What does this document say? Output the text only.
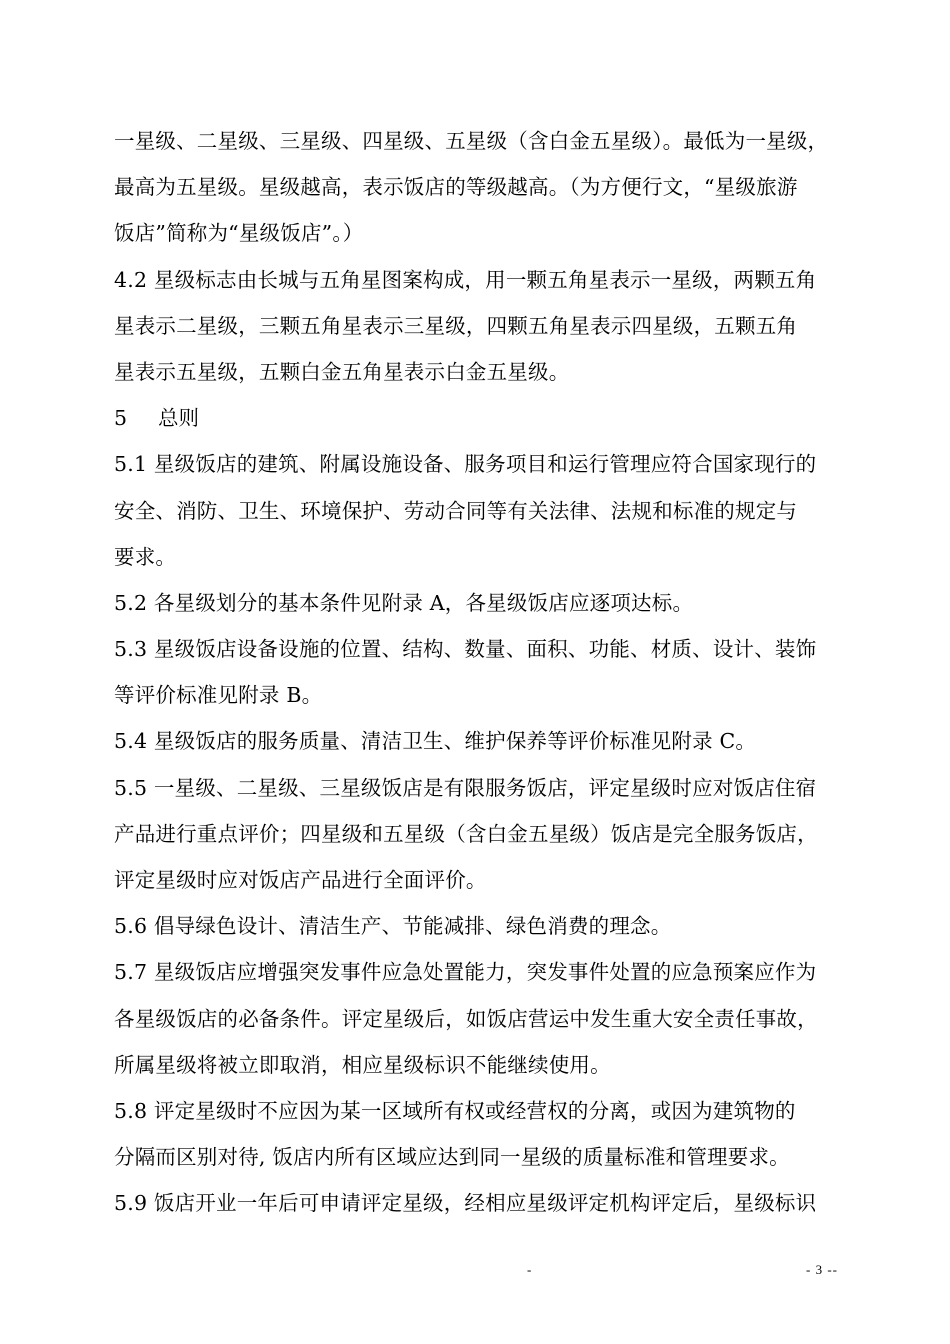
一星级、二星级、三星级、四星级、五星级（含白金五星级）。最低为一星级，
最高为五星级。星级越高，表示饭店的等级越高。（为方便行文，“星级旅游
饭店”简称为“星级饭店”。）
4.2 星级标志由长城与五角星图案构成，用一颗五角星表示一星级，两颗五角
星表示二星级，三颗五角星表示三星级，四颗五角星表示四星级，五颗五角
星表示五星级，五颗白金五角星表示白金五星级。
5 总则
5.1 星级饭店的建筑、附属设施设备、服务项目和运行管理应符合国家现行的
安全、消防、卫生、环境保护、劳动合同等有关法律、法规和标准的规定与
要求。
5.2 各星级划分的基本条件见附录 A，各星级饭店应逐项达标。
5.3 星级饭店设备设施的位置、结构、数量、面积、功能、材质、设计、装饰
等评价标准见附录 B。
5.4 星级饭店的服务质量、清洁卫生、维护保养等评价标准见附录 C。
5.5 一星级、二星级、三星级饭店是有限服务饭店，评定星级时应对饭店住宿
产品进行重点评价；四星级和五星级（含白金五星级）饭店是完全服务饭店，
评定星级时应对饭店产品进行全面评价。
5.6 倡导绿色设计、清洁生产、节能减排、绿色消费的理念。
5.7 星级饭店应增强突发事件应急处置能力，突发事件处置的应急预案应作为
各星级饭店的必备条件。评定星级后，如饭店营运中发生重大安全责任事故，
所属星级将被立即取消，相应星级标识不能继续使用。
5.8 评定星级时不应因为某一区域所有权或经营权的分离，或因为建筑物的
分隔而区别对待, 饭店内所有区域应达到同一星级的质量标准和管理要求。
5.9 饭店开业一年后可申请评定星级，经相应星级评定机构评定后，星级标识
-	- 3 --
